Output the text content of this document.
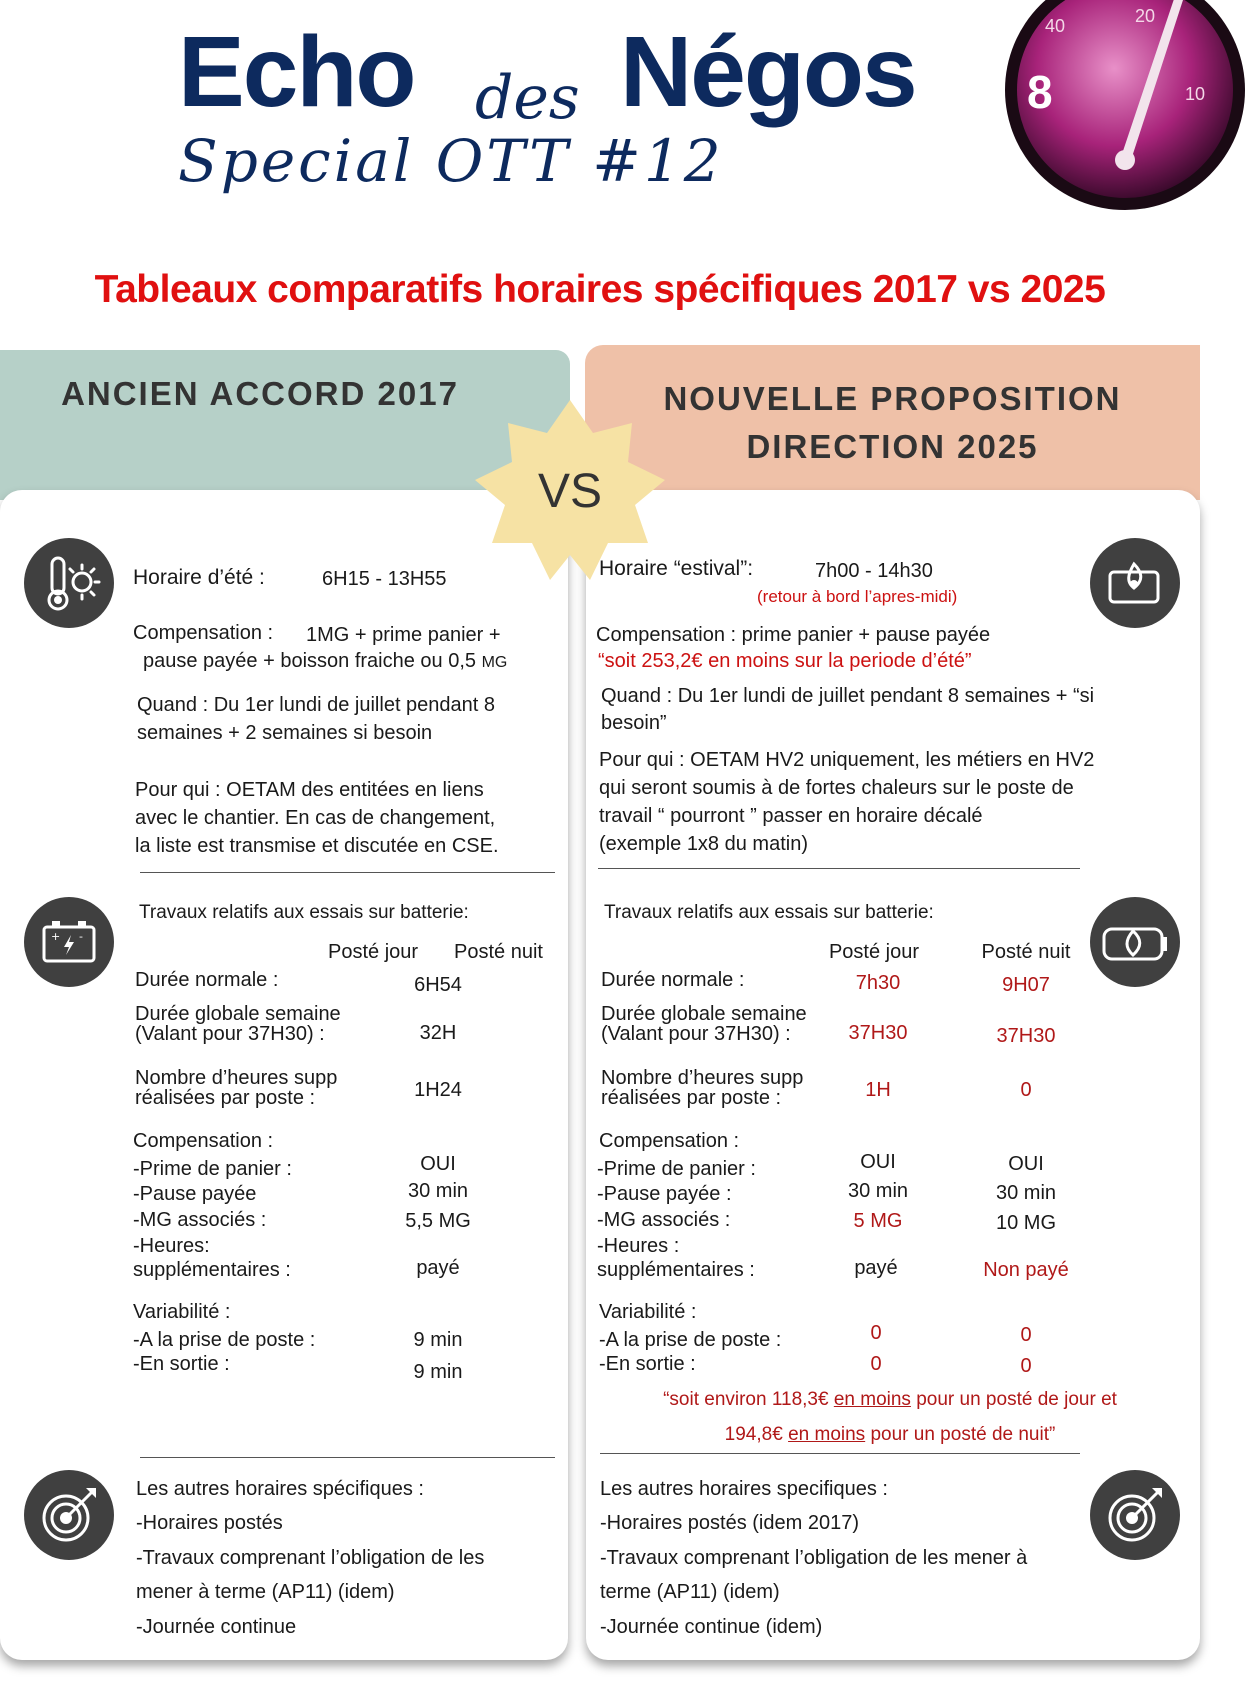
Echo des Négos
Special OTT #12
40	20
8	10
Tableaux comparatifs horaires spécifiques 2017 vs 2025
ANCIEN ACCORD 2017	NOUVELLE PROPOSITION
DIRECTION 2025
VS
+ -
Horaire d’été :	6H15 - 13H55
Compensation : 1MG + prime panier +
pause payée + boisson fraiche ou 0,5 MG
Quand : Du 1er lundi de juillet pendant 8
semaines + 2 semaines si besoin
Pour qui : OETAM des entitées en liens
avec le chantier. En cas de changement,
la liste est transmise et discutée en CSE.
Travaux relatifs aux essais sur batterie:
Posté jour Posté nuit
Durée normale :	6H54
Durée globale semaine
(Valant pour 37H30) :	32H
Nombre d’heures supp
réalisées par poste :	1H24
Compensation :
-Prime de panier :	OUI
-Pause payée	30 min
-MG associés :	5,5 MG
-Heures:
supplémentaires :	payé
Variabilité :
-A la prise de poste :	9 min
-En sortie :	9 min
Les autres horaires spécifiques :
-Horaires postés
-Travaux comprenant l’obligation de les
mener à terme (AP11) (idem)
-Journée continue
Horaire “estival”:	7h00 - 14h30
(retour à bord l’apres-midi)
Compensation : prime panier + pause payée
“soit 253,2€ en moins sur la periode d’été”
Quand : Du 1er lundi de juillet pendant 8 semaines + “si
besoin”
Pour qui : OETAM HV2 uniquement, les métiers en HV2
qui seront soumis à de fortes chaleurs sur le poste de
travail “ pourront ” passer en horaire décalé
(exemple 1x8 du matin)
Travaux relatifs aux essais sur batterie:
Posté jour	Posté nuit
Durée normale :	7h30	9H07
Durée globale semaine
(Valant pour 37H30) :	37H30	37H30
Nombre d’heures supp
réalisées par poste :	1H	0
Compensation :
-Prime de panier :	OUI	OUI
-Pause payée :	30 min	30 min
-MG associés :	5 MG	10 MG
-Heures :
supplémentaires :	payé	Non payé
Variabilité :
-A la prise de poste :	0	0
-En sortie :	0	0
“soit environ 118,3€ en moins pour un posté de jour et
194,8€ en moins pour un posté de nuit”
Les autres horaires specifiques :
-Horaires postés (idem 2017)
-Travaux comprenant l’obligation de les mener à
terme (AP11) (idem)
-Journée continue (idem)
